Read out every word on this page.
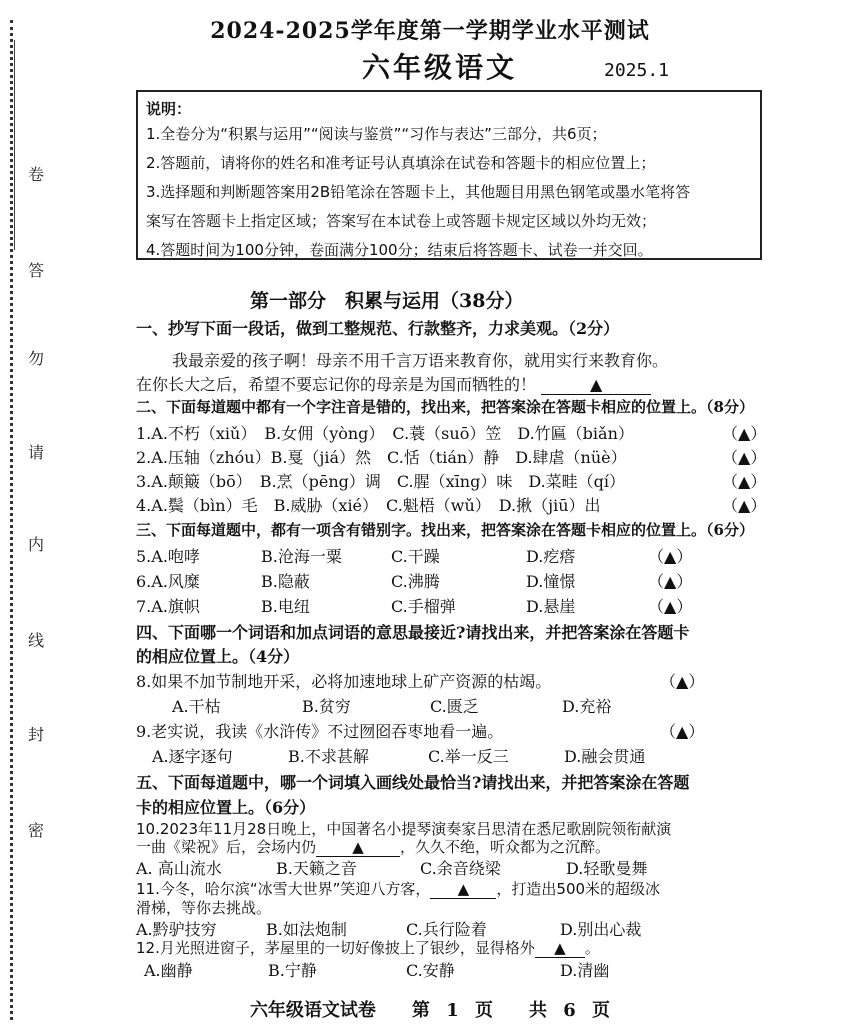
卷
答
勿
请
内
线
封
密
2024-2025学年度第一学期学业水平测试
六年级语文	2025.1
说明：
1.全卷分为“积累与运用”“阅读与鉴赏”“习作与表达”三部分，共6页；
2.答题前，请将你的姓名和准考证号认真填涂在试卷和答题卡的相应位置上；
3.选择题和判断题答案用2B铅笔涂在答题卡上，其他题目用黑色钢笔或墨水笔将答
案写在答题卡上指定区域；答案写在本试卷上或答题卡规定区域以外均无效；
4.答题时间为100分钟，卷面满分100分；结束后将答题卡、试卷一并交回。
第一部分　积累与运用（38分）
一、抄写下面一段话，做到工整规范、行款整齐，力求美观。（2分）
我最亲爱的孩子啊！母亲不用千言万语来教育你，就用实行来教育你。
在你长大之后，希望不要忘记你的母亲是为国而牺牲的！	▲
二、下面每道题中都有一个字注音是错的，找出来，把答案涂在答题卡相应的位置上。（8分）
1.A.不朽（xiǔ）　B.女佣（yòng）　C.蓑（suō）笠　D.竹匾（biǎn）	（▲）
2.A.压轴（zhóu）B.戛（jiá）然　C.恬（tián）静　D.肆虐（nüè）	（▲）
3.A.颠簸（bō）　B.烹（pēng）调　C.腥（xīng）味　D.菜畦（qí）	（▲）
4.A.鬓（bìn）毛　B.威胁（xié）　C.魁梧（wǔ）　D.揪（jiū）出	（▲）
三、下面每道题中，都有一项含有错别字。找出来，把答案涂在答题卡相应的位置上。（6分）
5.A.咆哮	B.沧海一粟	C.干躁	D.疙瘩	（▲）
6.A.风糜	B.隐蔽	C.沸腾	D.憧憬	（▲）
7.A.旗帜	B.电纽	C.手榴弹	D.悬崖	（▲）
四、下面哪一个词语和加点词语的意思最接近?请找出来，并把答案涂在答题卡
的相应位置上。（4分）
8.如果不加节制地开采，必将加速地球上矿产资源的枯竭。	（▲）
A.干枯	B.贫穷	C.匮乏	D.充裕
9.老实说，我读《水浒传》不过囫囵吞枣地看一遍。	（▲）
A.逐字逐句	B.不求甚解	C.举一反三	D.融会贯通
五、下面每道题中，哪一个词填入画线处最恰当?请找出来，并把答案涂在答题
卡的相应位置上。（6分）
10.2023年11月28日晚上，中国著名小提琴演奏家吕思清在悉尼歌剧院领衔献演
一曲《梁祝》后，会场内仍 ▲ ，久久不绝，听众都为之沉醉。
A. 高山流水	B.天籁之音	C.余音绕梁	D.轻歌曼舞
11.今冬，哈尔滨“冰雪大世界”笑迎八方客， ▲ ，打造出500米的超级冰
滑梯，等你去挑战。
A.黔驴技穷	B.如法炮制	C.兵行险着	D.别出心裁
12.月光照进窗子，茅屋里的一切好像披上了银纱，显得格外 ▲ 。
A.幽静	B.宁静	C.安静	D.清幽
六年级语文试卷　　第 1 页　　共 6 页
